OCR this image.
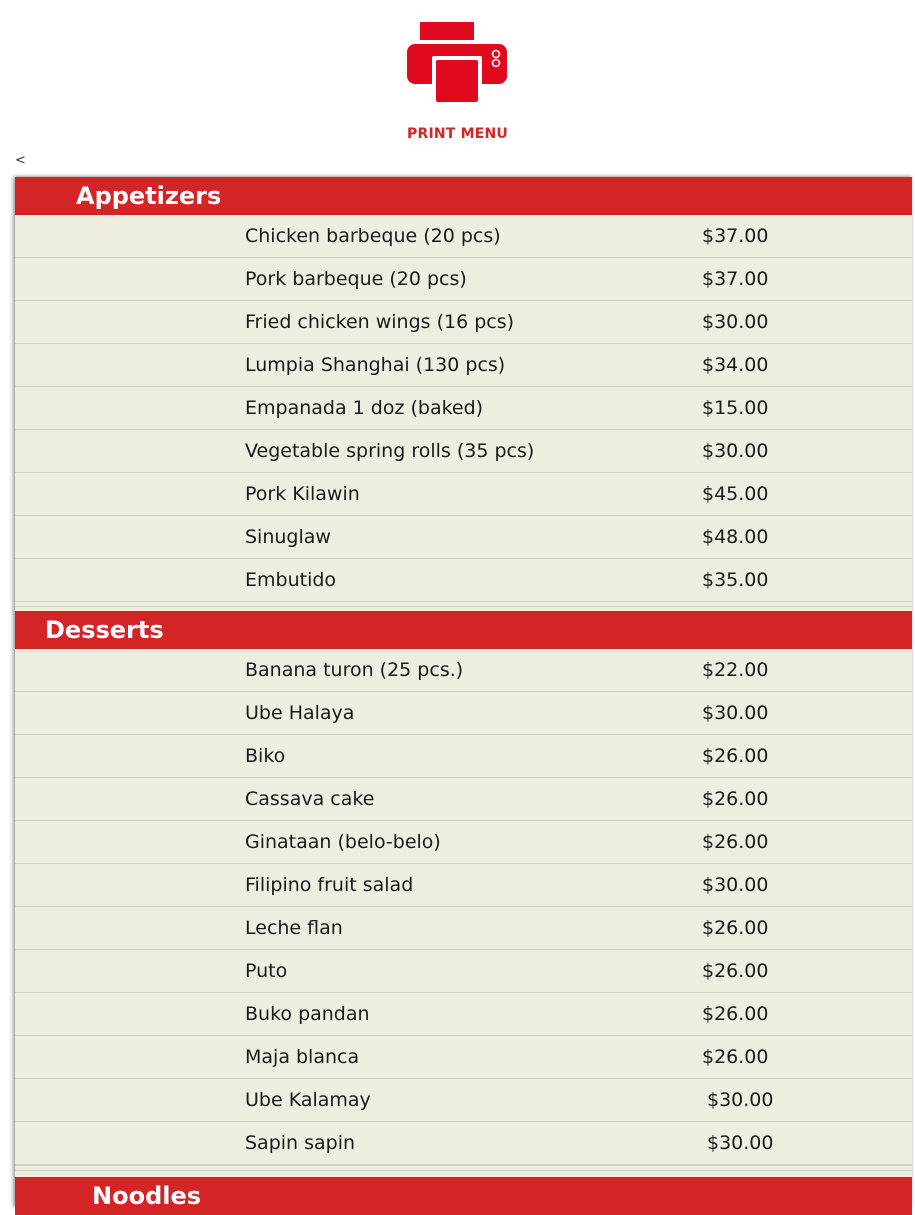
PRINT MENU
<
Appetizers
Chicken barbeque (20 pcs)	$37.00
Pork barbeque (20 pcs)	$37.00
Fried chicken wings (16 pcs)	$30.00
Lumpia Shanghai (130 pcs)	$34.00
Empanada 1 doz (baked)	$15.00
Vegetable spring rolls (35 pcs)	$30.00
Pork Kilawin	$45.00
Sinuglaw	$48.00
Embutido	$35.00
Desserts
Banana turon (25 pcs.)	$22.00
Ube Halaya	$30.00
Biko	$26.00
Cassava cake	$26.00
Ginataan (belo-belo)	$26.00
Filipino fruit salad	$30.00
Leche flan	$26.00
Puto	$26.00
Buko pandan	$26.00
Maja blanca	$26.00
Ube Kalamay	$30.00
Sapin sapin	$30.00
Noodles
